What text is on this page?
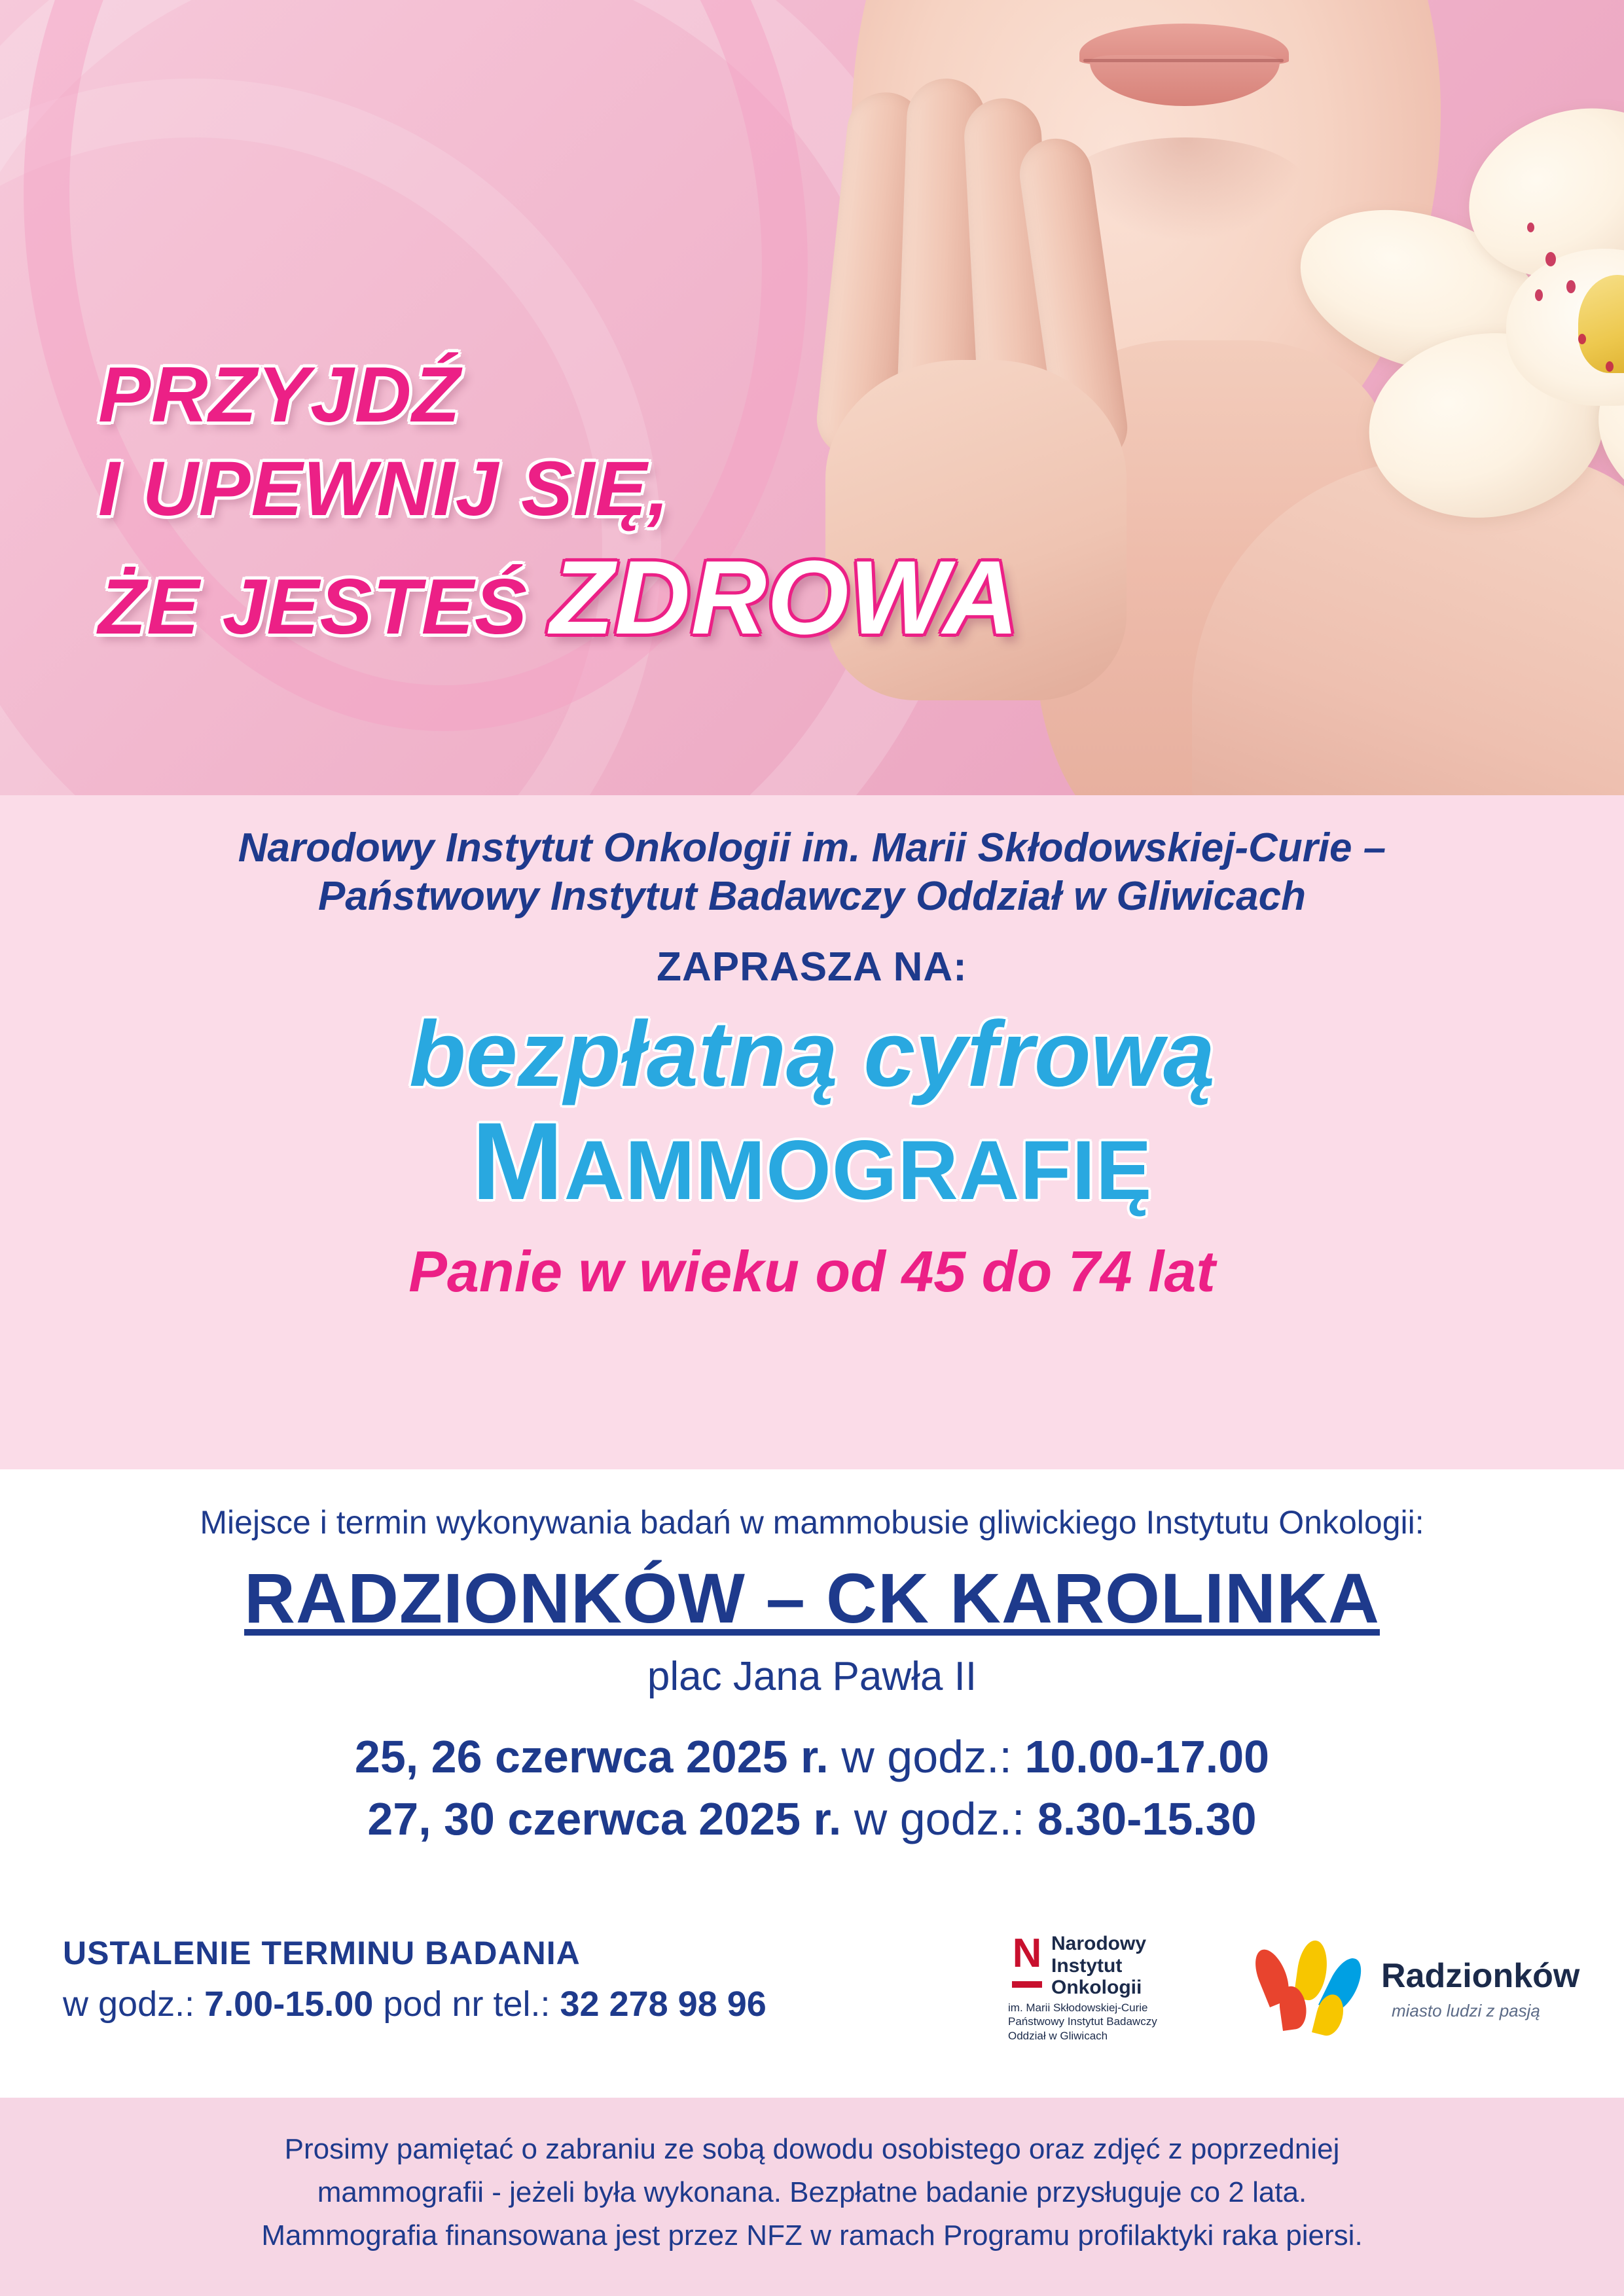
PRZYJDŹ
I UPEWNIJ SIĘ,
ŻE JESTEŚ ZDROWA
Narodowy Instytut Onkologii im. Marii Skłodowskiej-Curie –
Państwowy Instytut Badawczy Oddział w Gliwicach
ZAPRASZA NA:
bezpłatną cyfrową
MAMMOGRAFIĘ
Panie w wieku od 45 do 74 lat
Miejsce i termin wykonywania badań w mammobusie gliwickiego Instytutu Onkologii:
RADZIONKÓW – CK KAROLINKA
plac Jana Pawła II
25, 26 czerwca 2025 r. w godz.: 10.00-17.00
27, 30 czerwca 2025 r. w godz.: 8.30-15.30
USTALENIE TERMINU BADANIA
w godz.: 7.00-15.00 pod nr tel.: 32 278 98 96
N Narodowy
Instytut
Onkologii
im. Marii Skłodowskiej-Curie
Państwowy Instytut Badawczy
Oddział w Gliwicach
Radzionków
miasto ludzi z pasją
Prosimy pamiętać o zabraniu ze sobą dowodu osobistego oraz zdjęć z poprzedniej
mammografii - jeżeli była wykonana. Bezpłatne badanie przysługuje co 2 lata.
Mammografia finansowana jest przez NFZ w ramach Programu profilaktyki raka piersi.
